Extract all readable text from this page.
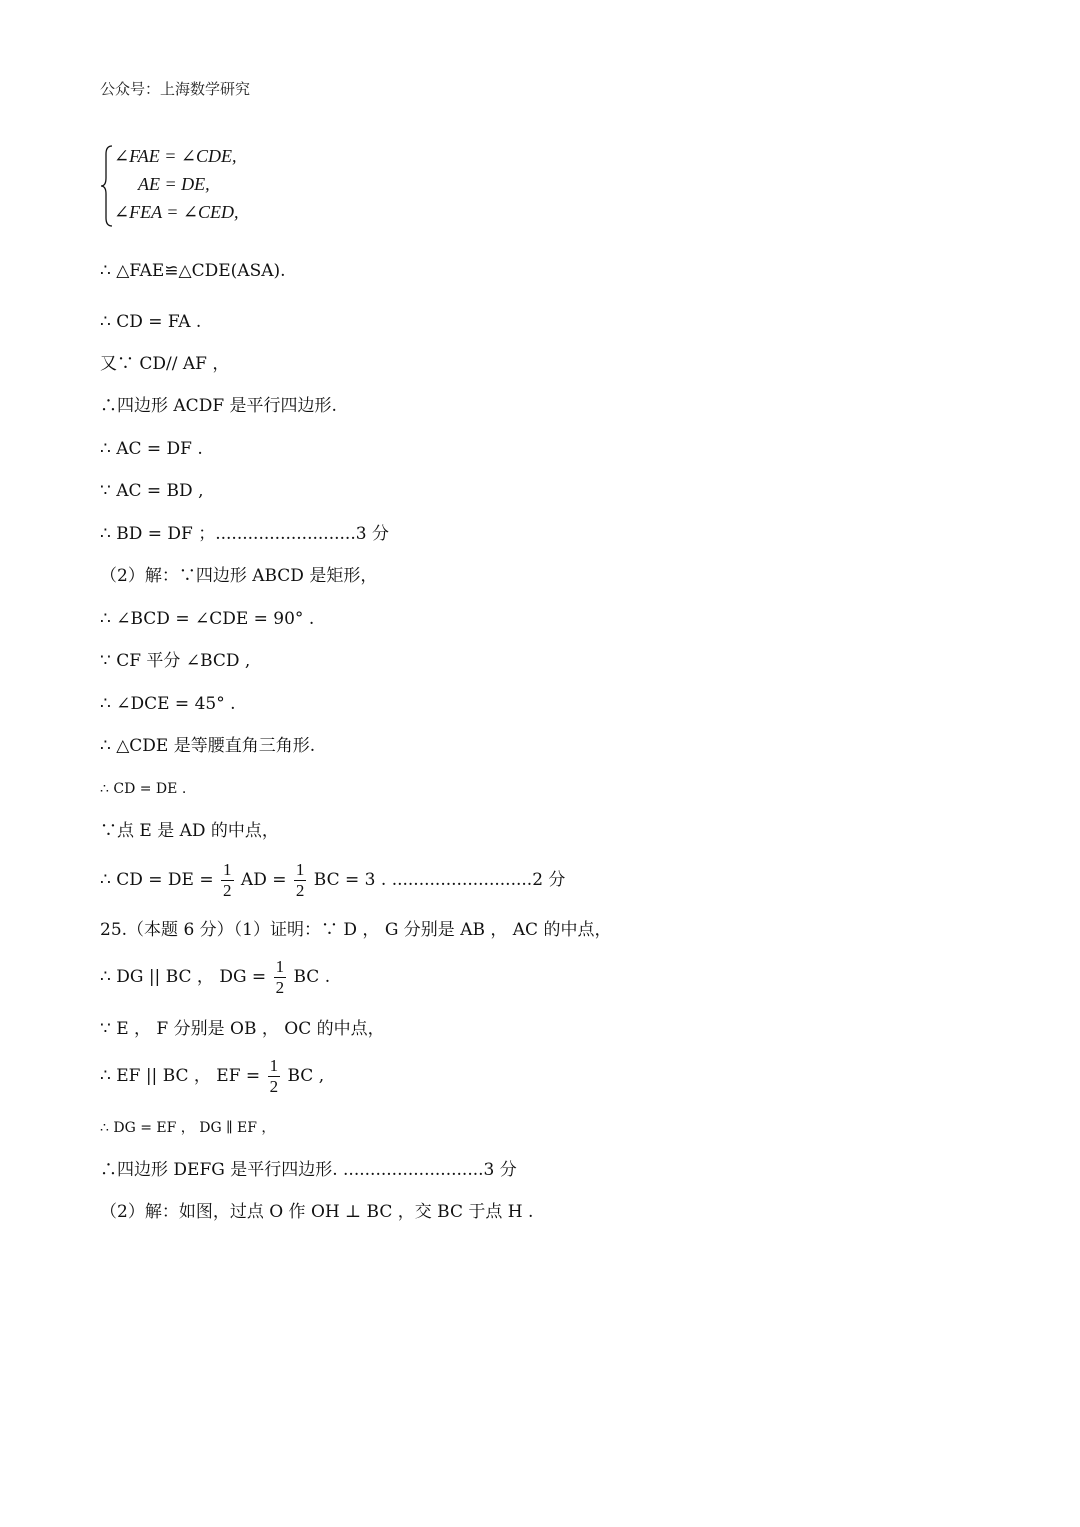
公众号：上海数学研究
∠FAE = ∠CDE,
AE = DE,
∠FEA = ∠CED,
∴ △FAE≌△CDE(ASA).
∴ CD = FA .
又∵ CD// AF ，
∴四边形 ACDF 是平行四边形.
∴ AC = DF .
∵ AC = BD ,
∴ BD = DF ；..........................3 分
（2）解：∵四边形 ABCD 是矩形，
∴ ∠BCD = ∠CDE = 90° .
∵ CF 平分 ∠BCD ,
∴ ∠DCE = 45° .
∴ △CDE 是等腰直角三角形.
∴ CD = DE .
∵点 E 是 AD 的中点，
∴ CD = DE = $\frac{1}{2}$ AD = $\frac{1}{2}$ BC = 3 . ..........................2 分
25.（本题 6 分）（1）证明：∵ D ， G 分别是 AB ， AC 的中点，
∴ DG || BC ， DG = $\frac{1}{2}$ BC .
∵ E ， F 分别是 OB ， OC 的中点，
∴ EF || BC ， EF = $\frac{1}{2}$ BC ,
∴ DG = EF ， DG ∥ EF ，
∴四边形 DEFG 是平行四边形. ..........................3 分
（2）解：如图，过点 O 作 OH ⊥ BC ，交 BC 于点 H .
